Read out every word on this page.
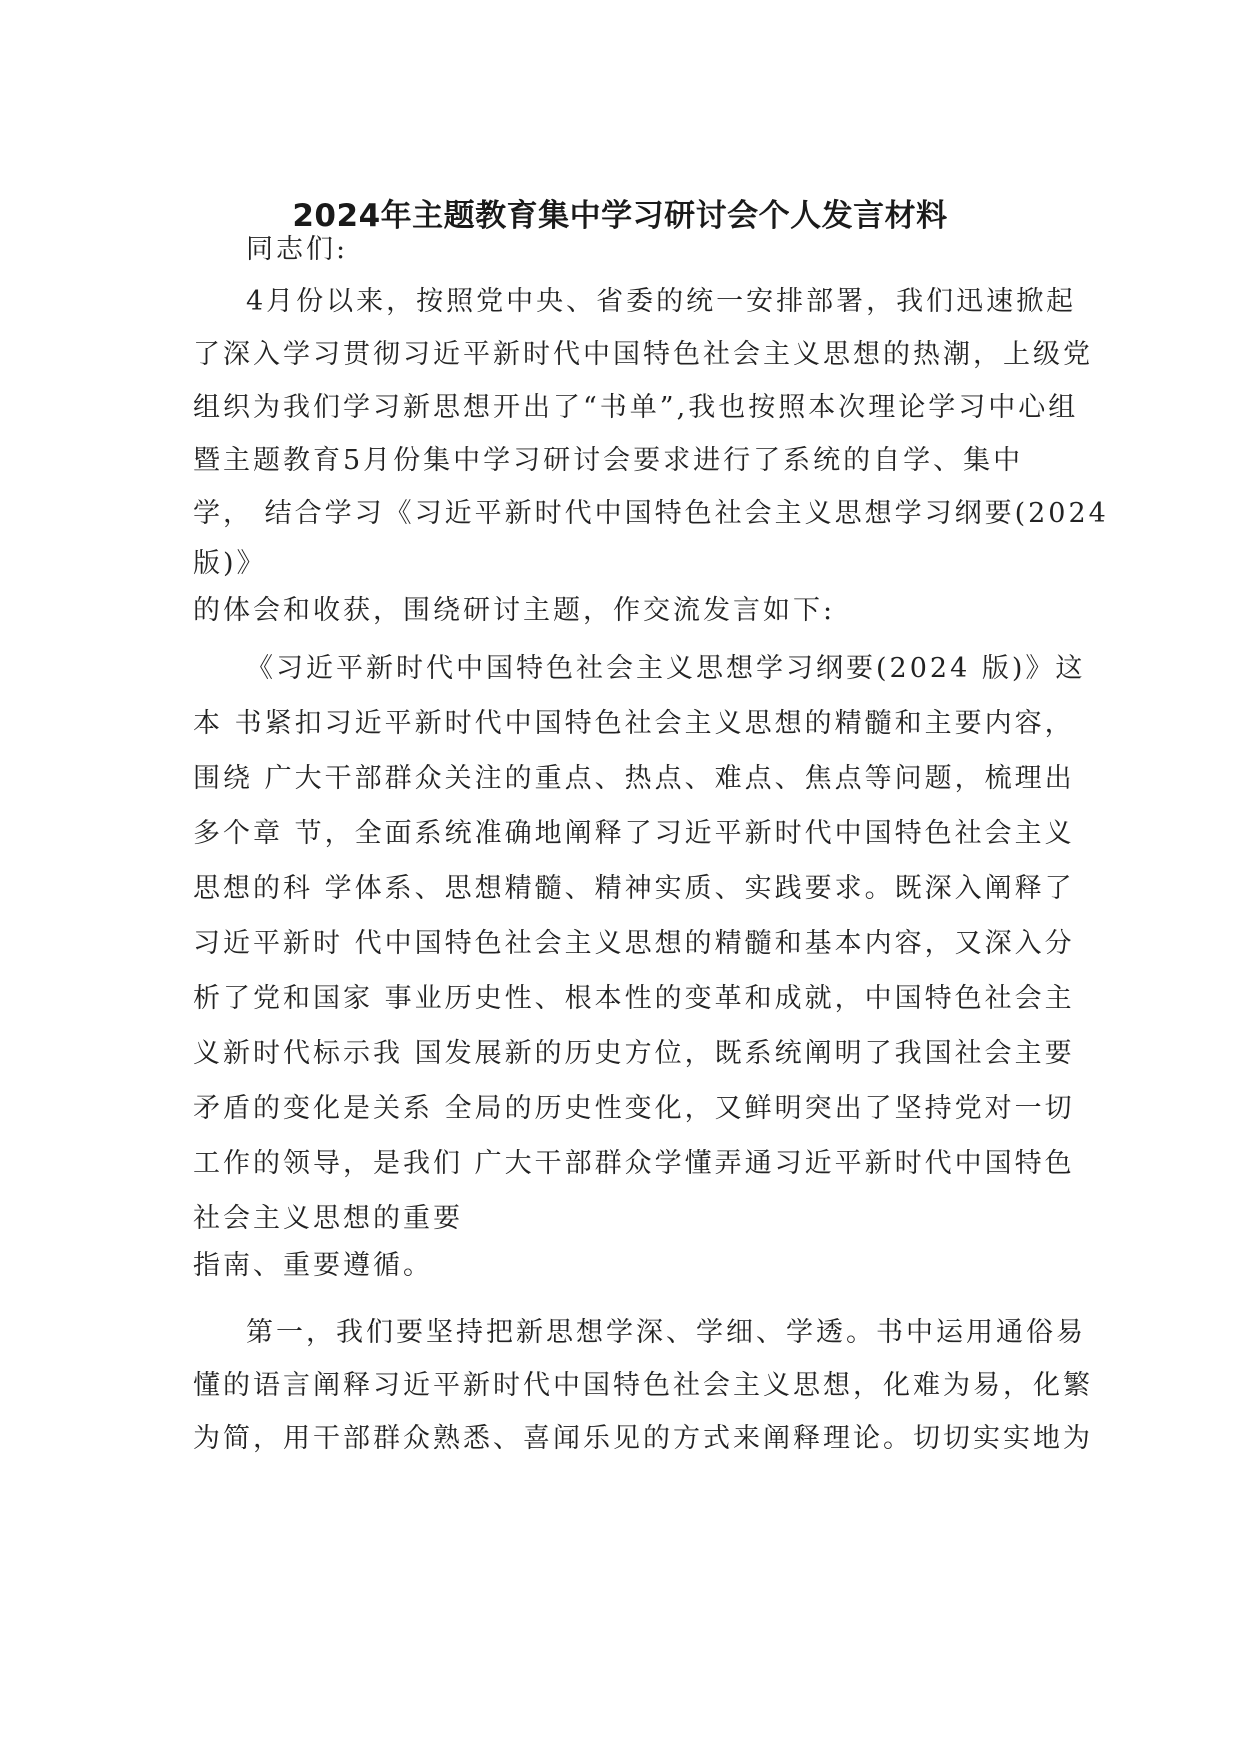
2024年主题教育集中学习研讨会个人发言材料
同志们:
4月份以来，按照党中央、省委的统一安排部署，我们迅速掀起
了深入学习贯彻习近平新时代中国特色社会主义思想的热潮，上级党
组织为我们学习新思想开出了“书单”,我也按照本次理论学习中心组
暨主题教育5月份集中学习研讨会要求进行了系统的自学、集中
学， 结合学习《习近平新时代中国特色社会主义思想学习纲要(2024
版)》
的体会和收获，围绕研讨主题，作交流发言如下:
《习近平新时代中国特色社会主义思想学习纲要(2024 版)》这
本 书紧扣习近平新时代中国特色社会主义思想的精髓和主要内容，
围绕 广大干部群众关注的重点、热点、难点、焦点等问题，梳理出
多个章 节，全面系统准确地阐释了习近平新时代中国特色社会主义
思想的科 学体系、思想精髓、精神实质、实践要求。既深入阐释了
习近平新时 代中国特色社会主义思想的精髓和基本内容，又深入分
析了党和国家 事业历史性、根本性的变革和成就，中国特色社会主
义新时代标示我 国发展新的历史方位，既系统阐明了我国社会主要
矛盾的变化是关系 全局的历史性变化，又鲜明突出了坚持党对一切
工作的领导，是我们 广大干部群众学懂弄通习近平新时代中国特色
社会主义思想的重要
指南、重要遵循。
第一，我们要坚持把新思想学深、学细、学透。书中运用通俗易
懂的语言阐释习近平新时代中国特色社会主义思想，化难为易，化繁
为简，用干部群众熟悉、喜闻乐见的方式来阐释理论。切切实实地为
